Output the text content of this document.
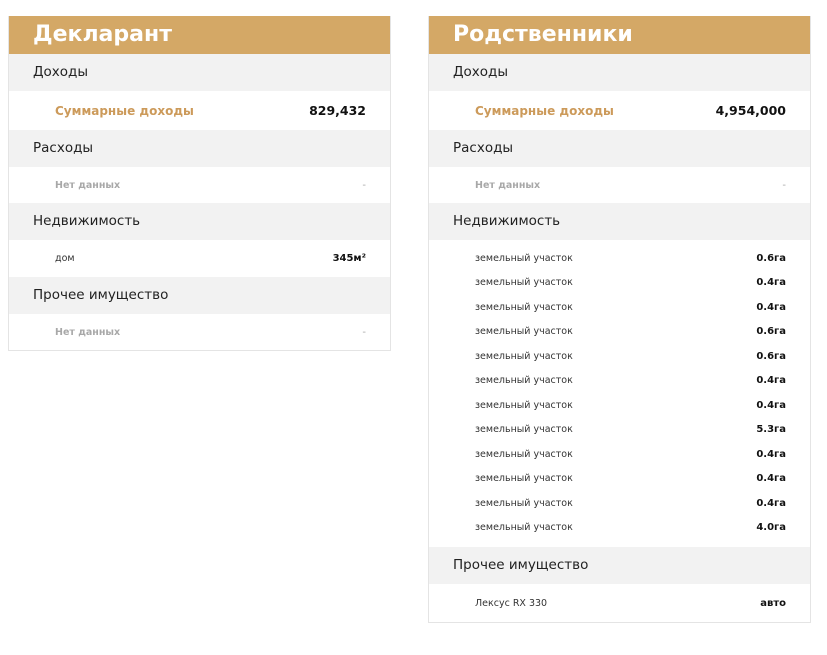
Декларант
Доходы
Суммарные доходы	829,432
Расходы
Нет данных	-
Недвижимость
дом	345м²
Прочее имущество
Нет данных	-
Родственники
Доходы
Суммарные доходы	4,954,000
Расходы
Нет данных	-
Недвижимость
земельный участок	0.6га
земельный участок	0.4га
земельный участок	0.4га
земельный участок	0.6га
земельный участок	0.6га
земельный участок	0.4га
земельный участок	0.4га
земельный участок	5.3га
земельный участок	0.4га
земельный участок	0.4га
земельный участок	0.4га
земельный участок	4.0га
Прочее имущество
Лексус RX 330	авто
